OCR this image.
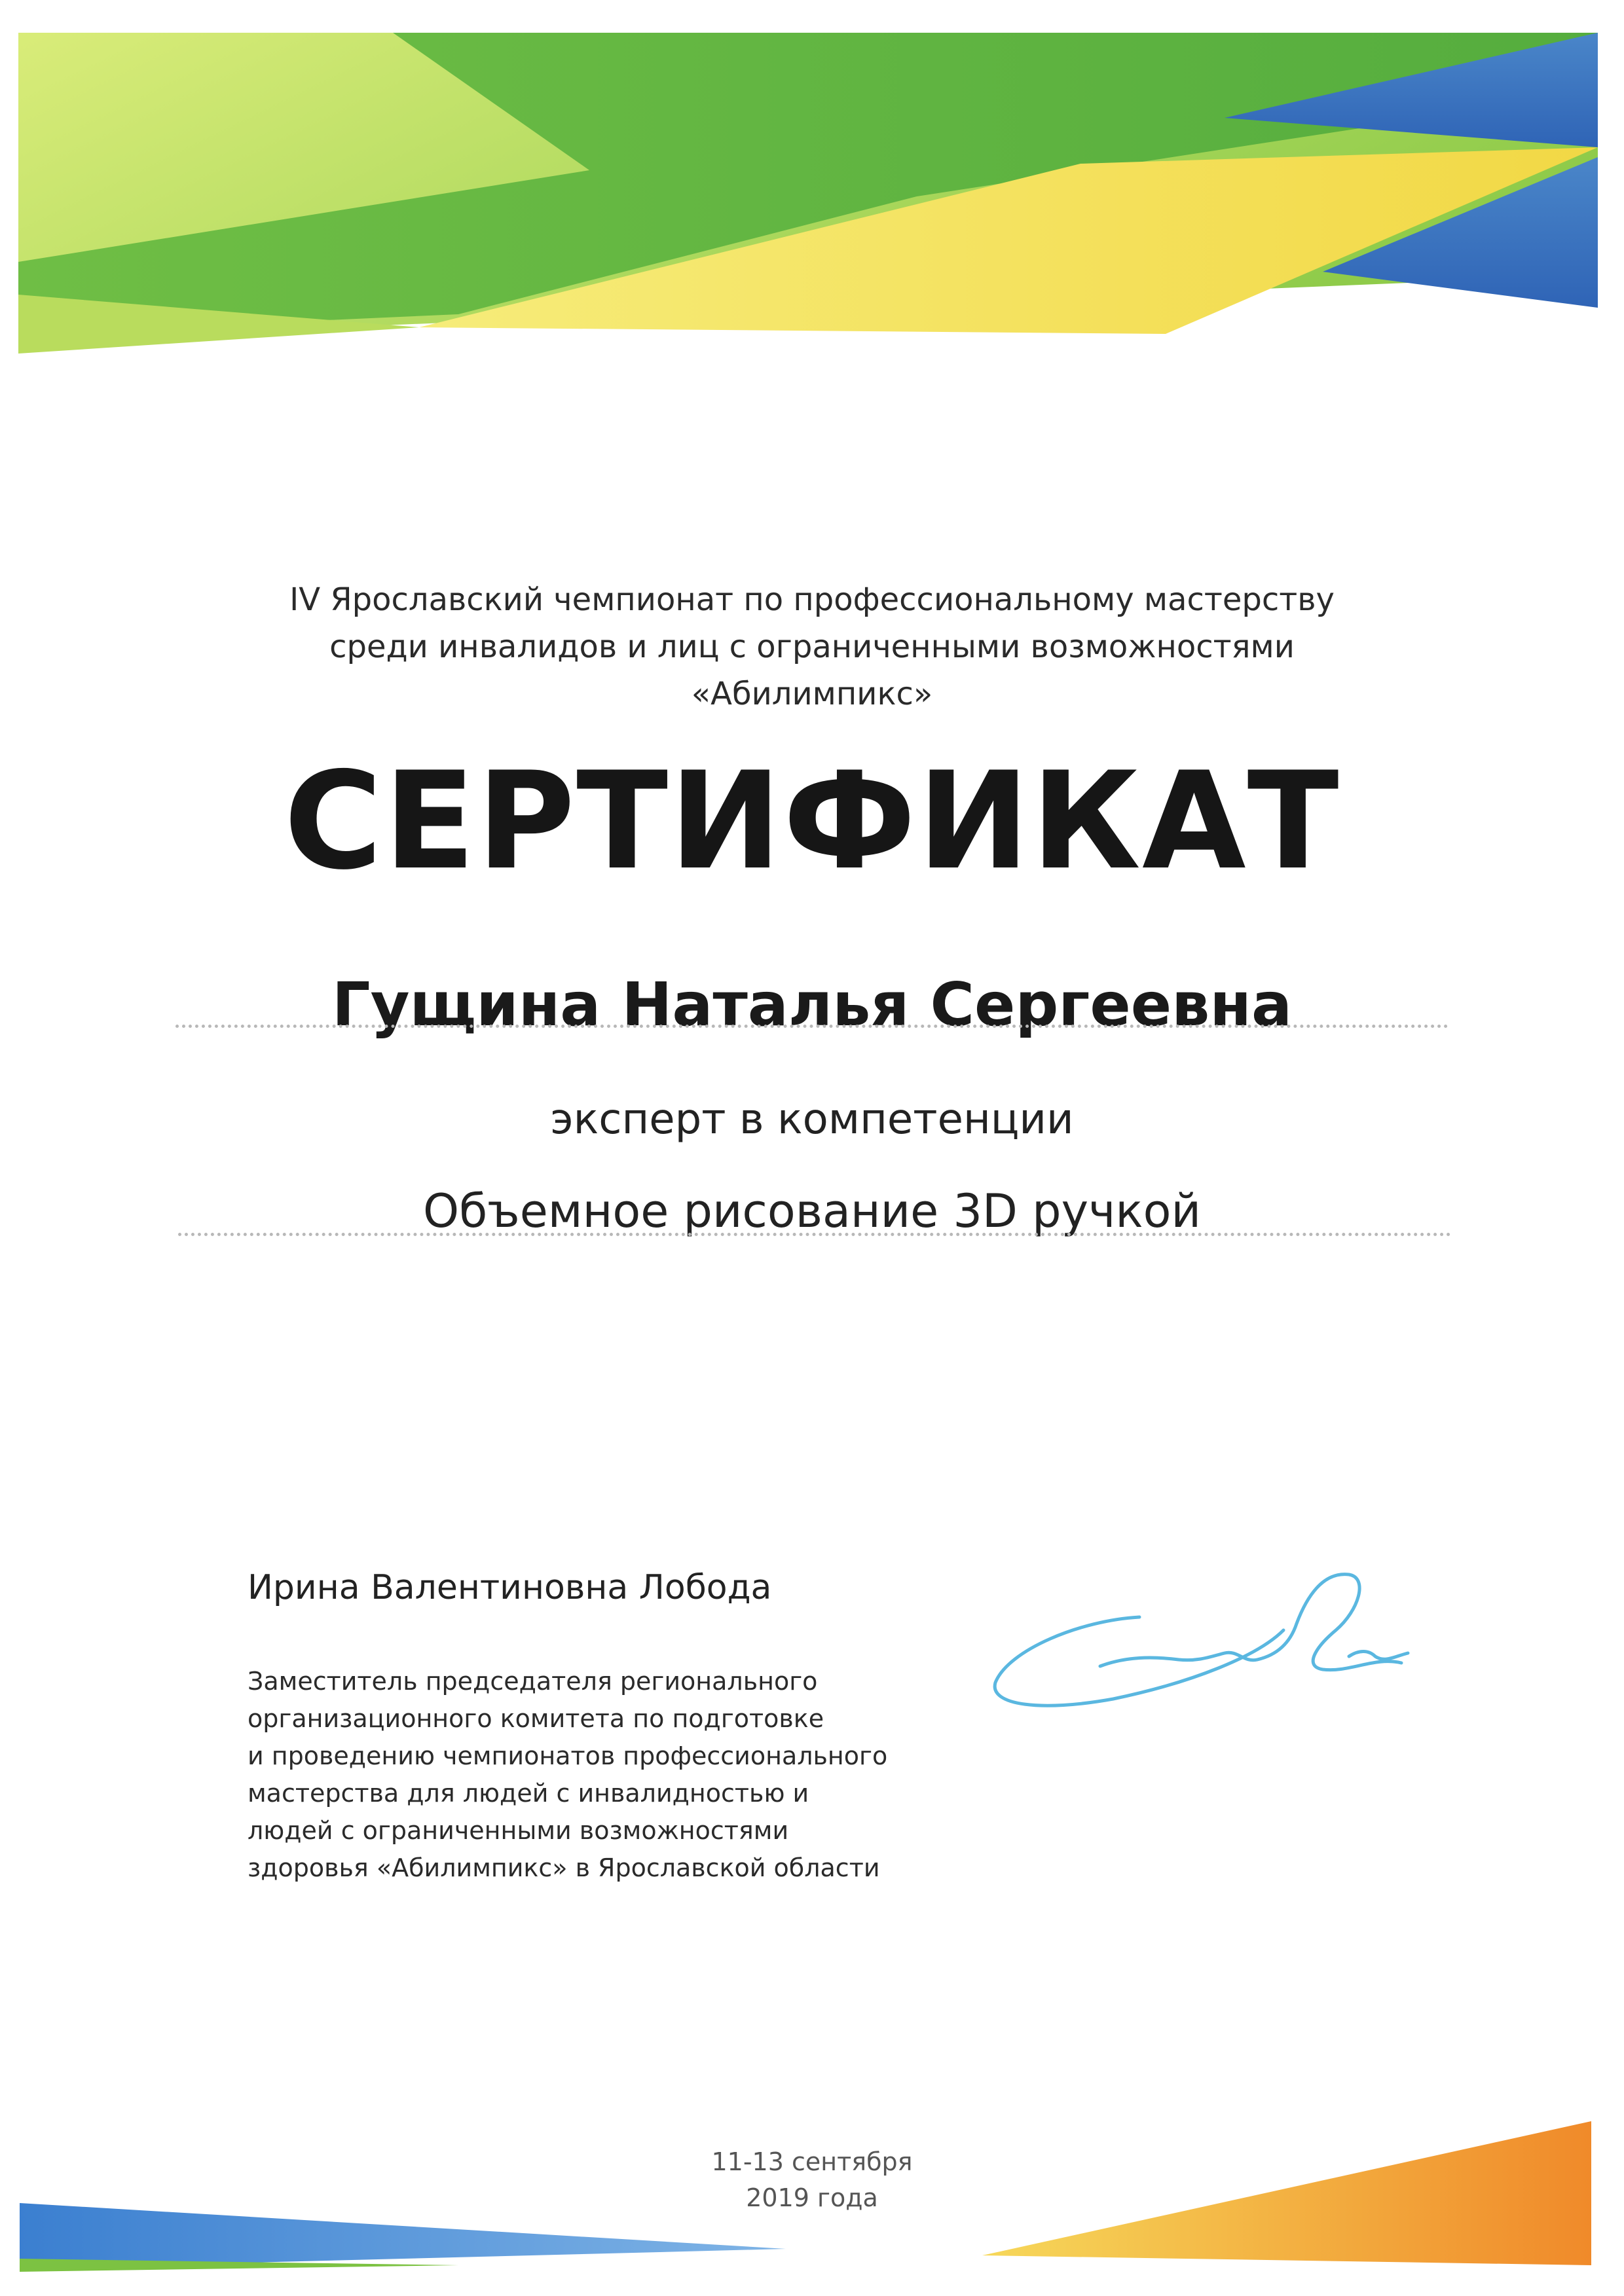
IV Ярославский чемпионат по профессиональному мастерству
среди инвалидов и лиц с ограниченными возможностями
«Абилимпикс»
СЕРТИФИКАТ
Гущина Наталья Сергеевна
эксперт в компетенции
Объемное рисование 3D ручкой
Ирина Валентиновна Лобода
Заместитель председателя регионального
организационного комитета по подготовке
и проведению чемпионатов профессионального
мастерства для людей с инвалидностью и
людей с ограниченными возможностями
здоровья «Абилимпикс» в Ярославской области
11-13 сентября
2019 года
